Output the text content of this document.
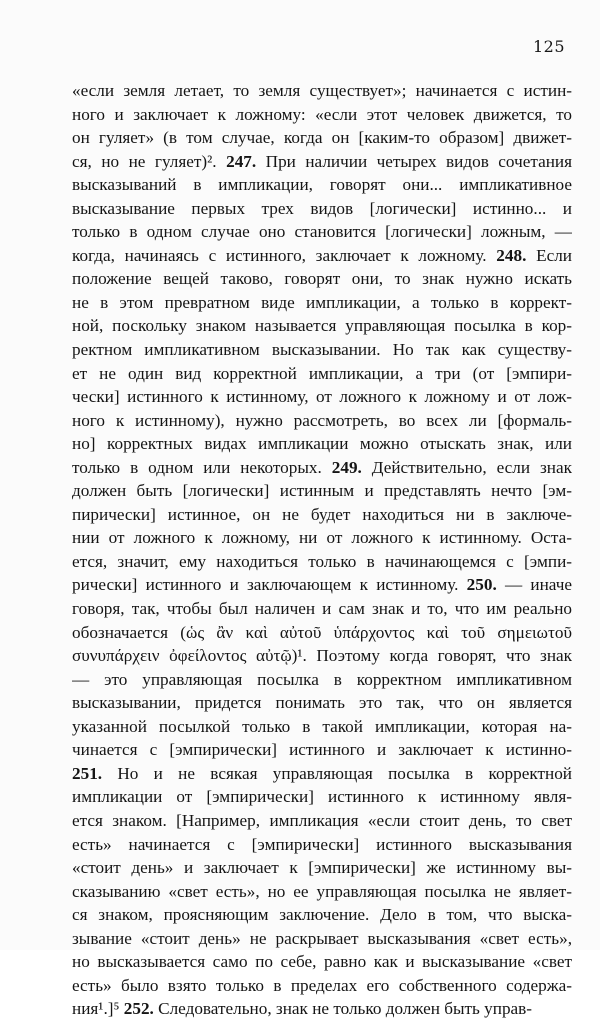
125
«если земля летает, то земля существует»; начинается с истин-
ного и заключает к ложному: «если этот человек движется, то
он гуляет» (в том случае, когда он [каким-то образом] движет-
ся, но не гуляет)². 247. При наличии четырех видов сочетания
высказываний в импликации, говорят они... импликативное
высказывание первых трех видов [логически] истинно... и
только в одном случае оно становится [логически] ложным, —
когда, начинаясь с истинного, заключает к ложному. 248. Если
положение вещей таково, говорят они, то знак нужно искать
не в этом превратном виде импликации, а только в коррект-
ной, поскольку знаком называется управляющая посылка в кор-
ректном импликативном высказывании. Но так как существу-
ет не один вид корректной импликации, а три (от [эмпири-
чески] истинного к истинному, от ложного к ложному и от лож-
ного к истинному), нужно рассмотреть, во всех ли [формаль-
но] корректных видах импликации можно отыскать знак, или
только в одном или некоторых. 249. Действительно, если знак
должен быть [логически] истинным и представлять нечто [эм-
пирически] истинное, он не будет находиться ни в заключе-
нии от ложного к ложному, ни от ложного к истинному. Оста-
ется, значит, ему находиться только в начинающемся с [эмпи-
рически] истинного и заключающем к истинному. 250. — иначе
говоря, так, чтобы был наличен и сам знак и то, что им реально
обозначается (ὡς ἂν καὶ αὐτοῦ ὑπάρχοντος καὶ τοῦ σημειωτοῦ
συνυπάρχειν ὀφείλοντος αὐτῷ)¹. Поэтому когда говорят, что знак
— это управляющая посылка в корректном импликативном
высказывании, придется понимать это так, что он является
указанной посылкой только в такой импликации, которая на-
чинается с [эмпирически] истинного и заключает к истинно-
251. Но и не всякая управляющая посылка в корректной
импликации от [эмпирически] истинного к истинному явля-
ется знаком. [Например, импликация «если стоит день, то свет
есть» начинается с [эмпирически] истинного высказывания
«стоит день» и заключает к [эмпирически] же истинному вы-
сказыванию «свет есть», но ее управляющая посылка не являет-
ся знаком, проясняющим заключение. Дело в том, что выска-
зывание «стоит день» не раскрывает высказывания «свет есть»,
но высказывается само по себе, равно как и высказывание «свет
есть» было взято только в пределах его собственного содержа-
ния¹.]⁵ 252. Следовательно, знак не только должен быть управ-
